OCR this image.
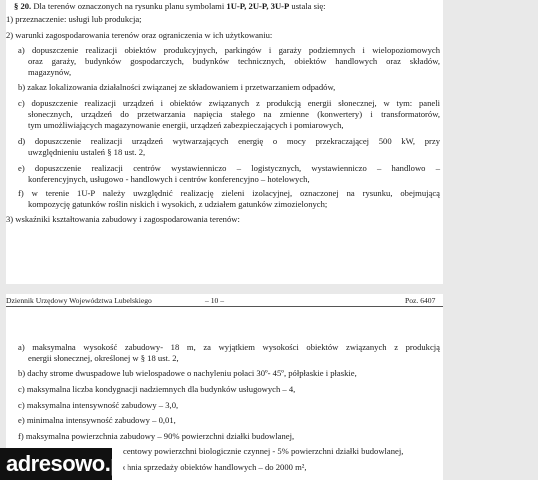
§ 20. Dla terenów oznaczonych na rysunku planu symbolami 1U-P, 2U-P, 3U-P ustala się:
1) przeznaczenie: usługi lub produkcja;
2) warunki zagospodarowania terenów oraz ograniczenia w ich użytkowaniu:
a) dopuszczenie realizacji obiektów produkcyjnych, parkingów i garaży podziemnych i wielopoziomowych
oraz garaży, budynków gospodarczych, budynków technicznych, obiektów handlowych oraz składów,
magazynów,
b) zakaz lokalizowania działalności związanej ze składowaniem i przetwarzaniem odpadów,
c) dopuszczenie realizacji urządzeń i obiektów związanych z produkcją energii słonecznej, w tym: paneli
słonecznych, urządzeń do przetwarzania napięcia stałego na zmienne (konwertery) i transformatorów,
tym umożliwiających magazynowanie energii, urządzeń zabezpieczających i pomiarowych,
d) dopuszczenie realizacji urządzeń wytwarzających energię o mocy przekraczającej 500 kW, przy
uwzględnieniu ustaleń § 18 ust. 2,
e) dopuszczenie realizacji centrów wystawienniczo – logistycznych, wystawienniczo – handlowo –
konferencyjnych, usługowo - handlowych i centrów konferencyjno – hotelowych,
f) w terenie 1U-P należy uwzględnić realizację zieleni izolacyjnej, oznaczonej na rysunku, obejmującą
kompozycję gatunków roślin niskich i wysokich, z udziałem gatunków zimozielonych;
3) wskaźniki kształtowania zabudowy i zagospodarowania terenów:
Dziennik Urzędowy Województwa Lubelskiego	– 10 –	Poz. 6407
a) maksymalna wysokość zabudowy- 18 m, za wyjątkiem wysokości obiektów związanych z produkcją
energii słonecznej, określonej w § 18 ust. 2,
b) dachy strome dwuspadowe lub wielospadowe o nachyleniu połaci 30º- 45º, półpłaskie i płaskie,
c) maksymalna liczba kondygnacji nadziemnych dla budynków usługowych – 4,
c) maksymalna intensywność zabudowy – 3,0,
e) minimalna intensywność zabudowy – 0,01,
f) maksymalna powierzchnia zabudowy – 90% powierzchni działki budowlanej,
centowy powierzchni biologicznie czynnej - 5% powierzchni działki budowlanej,
chnia sprzedaży obiektów handlowych – do 2000 m²,
adresowo.pl
